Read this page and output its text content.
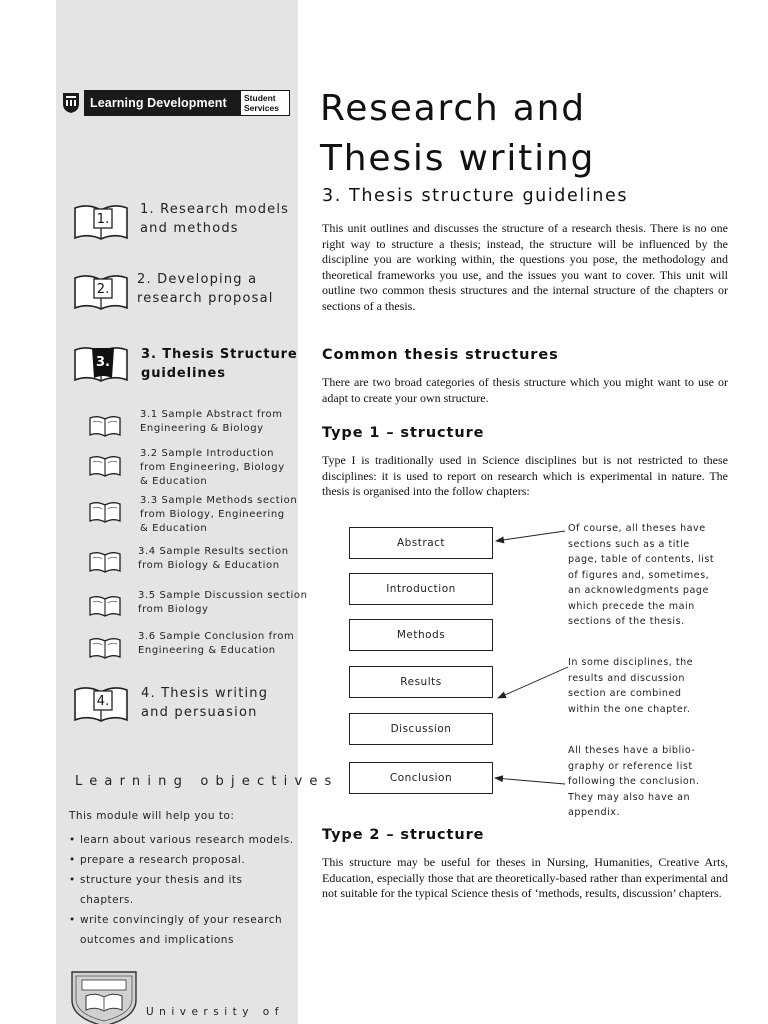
Learning Development	Student
Services
1.
1. Research models
and methods
2.
2. Developing a
research proposal
3.
3. Thesis Structure
guidelines
3.1 Sample Abstract from
Engineering & Biology
3.2 Sample Introduction
from Engineering, Biology
& Education
3.3 Sample Methods section
from Biology, Engineering
& Education
3.4 Sample Results section
from Biology & Education
3.5 Sample Discussion section
from Biology
3.6 Sample Conclusion from
Engineering & Education
4.
4. Thesis writing
and persuasion
Learning objectives
This module will help you to:
• learn about various research models.
• prepare a research proposal.
• structure your thesis and its chapters.
• write convincingly of your research outcomes and implications
University of
Research and
Thesis writing
3. Thesis structure guidelines

This unit outlines and discusses the structure of a research thesis. There is no one right way to structure a thesis; instead, the structure will be influenced by the discipline you are working within, the questions you pose, the methodology and theoretical frameworks you use, and the issues you want to cover. This unit will outline two common thesis structures and the internal structure of the chapters or sections of a thesis.

Common thesis structures

There are two broad categories of thesis structure which you might want to use or adapt to create your own structure.

Type 1 – structure

Type I is traditionally used in Science disciplines but is not restricted to these disciplines: it is used to report on research which is experimental in nature. The thesis is organised into the follow chapters:

Abstract
Introduction
Methods
Results
Discussion
Conclusion
Of course, all theses have
sections such as a title
page, table of contents, list
of figures and, sometimes,
an acknowledgments page
which precede the main
sections of the thesis.
In some disciplines, the
results and discussion
section are combined
within the one chapter.
All theses have a biblio-
graphy or reference list
following the conclusion.
They may also have an
appendix.
Type 2 – structure

This structure may be useful for theses in Nursing, Humanities, Creative Arts, Education, especially those that are theoretically-based rather than experimental and not suitable for the typical Science thesis of ‘methods, results, discussion’ chapters.
